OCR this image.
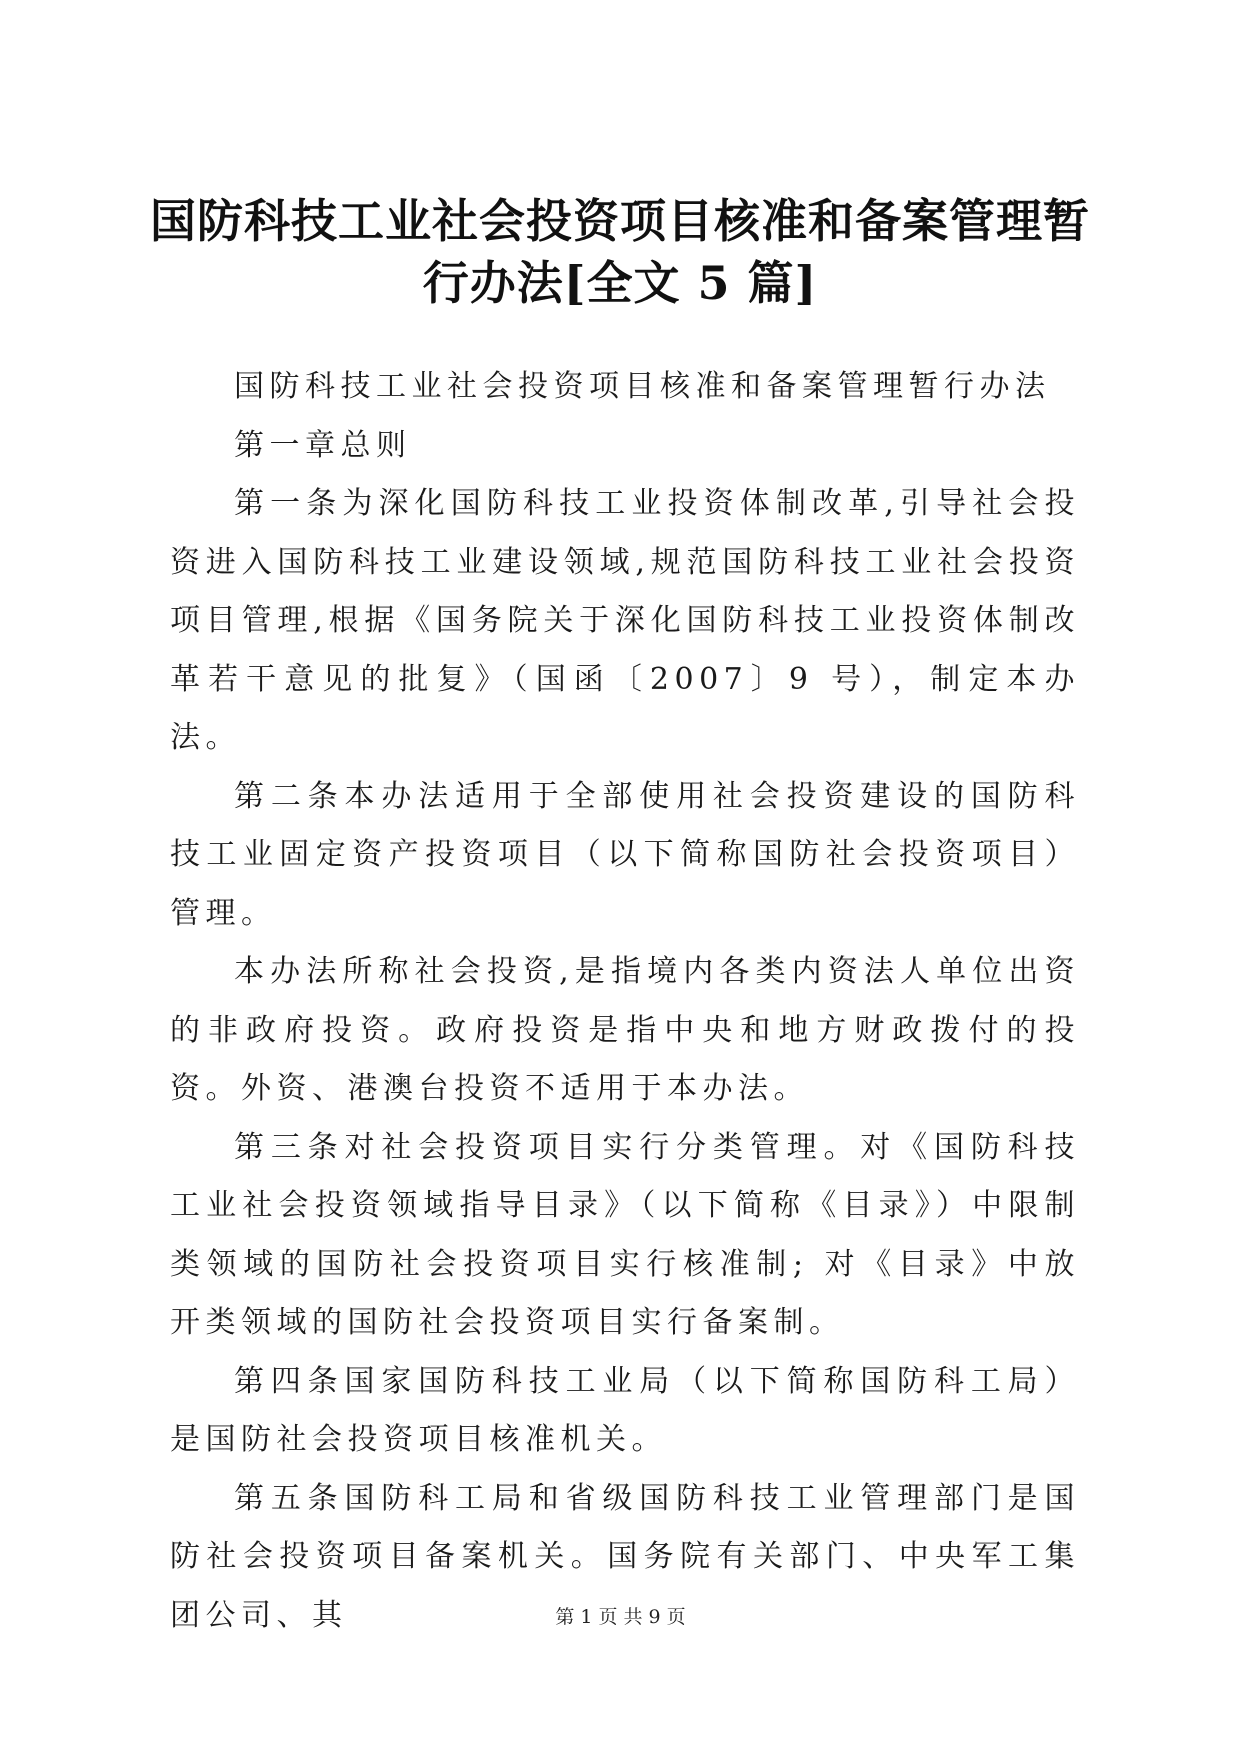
国防科技工业社会投资项目核准和备案管理暂
行办法[全文 5 篇]

国防科技工业社会投资项目核准和备案管理暂行办法

第一章总则

第一条为深化国防科技工业投资体制改革,引导社会投资进入国防科技工业建设领域,规范国防科技工业社会投资项目管理,根据《国务院关于深化国防科技工业投资体制改革若干意见的批复》（国函〔2007〕9 号），制定本办法。

第二条本办法适用于全部使用社会投资建设的国防科技工业固定资产投资项目（以下简称国防社会投资项目）管理。

本办法所称社会投资,是指境内各类内资法人单位出资的非政府投资。政府投资是指中央和地方财政拨付的投资。外资、港澳台投资不适用于本办法。

第三条对社会投资项目实行分类管理。对《国防科技工业社会投资领域指导目录》（以下简称《目录》）中限制类领域的国防社会投资项目实行核准制; 对《目录》中放开类领域的国防社会投资项目实行备案制。

第四条国家国防科技工业局（以下简称国防科工局）是国防社会投资项目核准机关。

第五条国防科工局和省级国防科技工业管理部门是国防社会投资项目备案机关。国务院有关部门、中央军工集团公司、其	第 1 页 共 9 页
